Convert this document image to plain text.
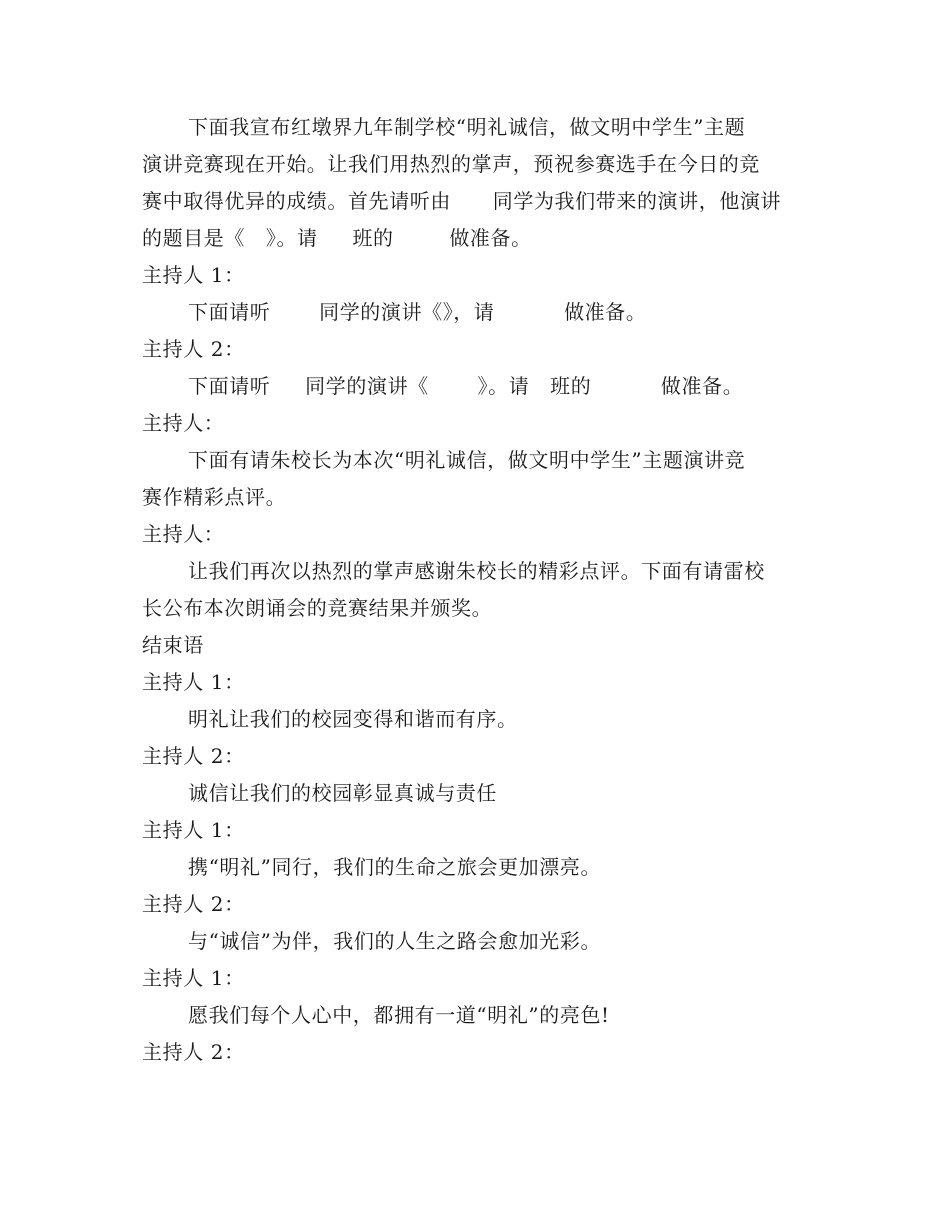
下面我宣布红墩界九年制学校“明礼诚信，做文明中学生”主题
演讲竞赛现在开始。让我们用热烈的掌声，预祝参赛选手在今日的竞
赛中取得优异的成绩。首先请听由      同学为我们带来的演讲，他演讲
的题目是《   》。请     班的        做准备。
主持人 1：
下面请听       同学的演讲《》，请          做准备。
主持人 2：
下面请听     同学的演讲《       》。请   班的          做准备。
主持人：
下面有请朱校长为本次“明礼诚信，做文明中学生”主题演讲竞
赛作精彩点评。
主持人：
让我们再次以热烈的掌声感谢朱校长的精彩点评。下面有请雷校
长公布本次朗诵会的竞赛结果并颁奖。
结束语
主持人 1：
明礼让我们的校园变得和谐而有序。
主持人 2：
诚信让我们的校园彰显真诚与责任
主持人 1：
携“明礼”同行，我们的生命之旅会更加漂亮。
主持人 2：
与“诚信”为伴，我们的人生之路会愈加光彩。
主持人 1：
愿我们每个人心中，都拥有一道“明礼”的亮色!
主持人 2：
